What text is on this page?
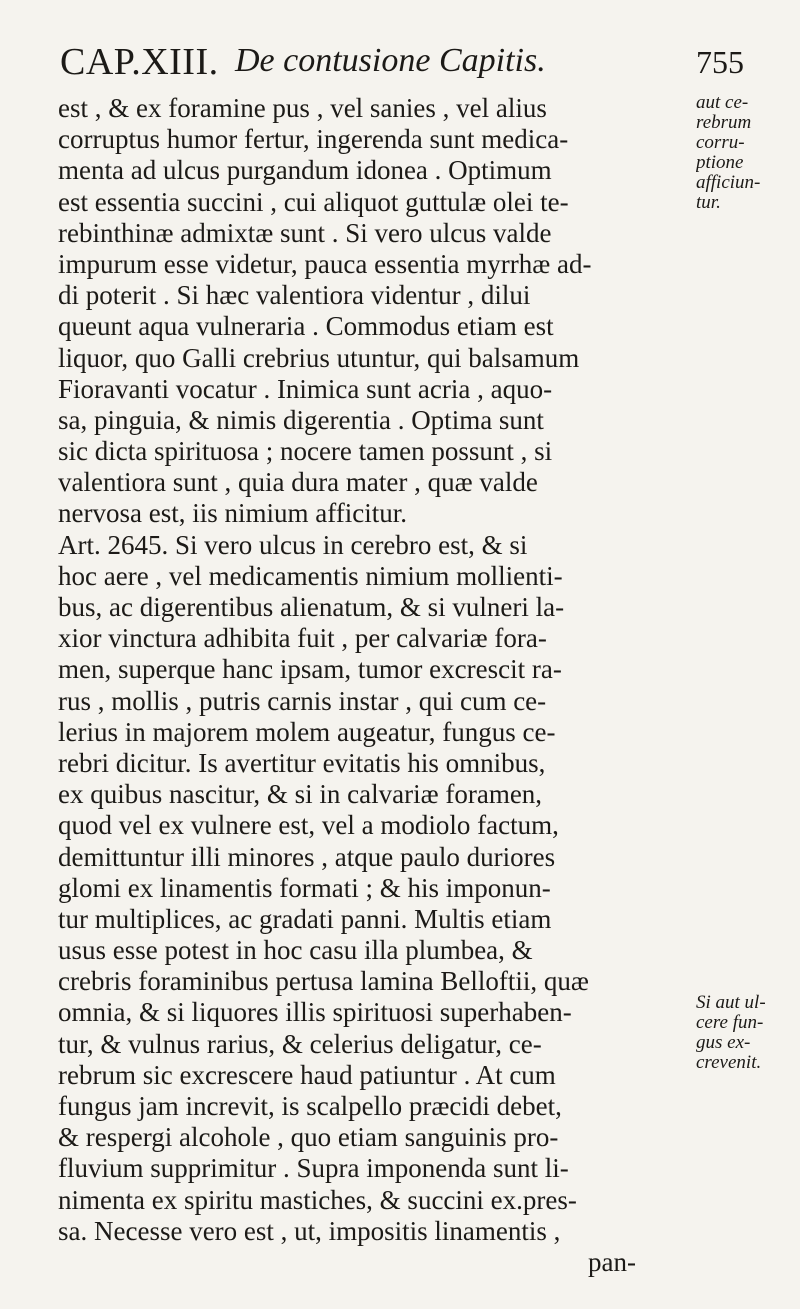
CAP.XIII. De contusione Capitis.	755
est , & ex foramine pus , vel sanies , vel alius
corruptus humor fertur, ingerenda sunt medica-
menta ad ulcus purgandum idonea . Optimum
est essentia succini , cui aliquot guttulæ olei te-
rebinthinæ admixtæ sunt . Si vero ulcus valde
impurum esse videtur, pauca essentia myrrhæ ad-
di poterit . Si hæc valentiora videntur , dilui
queunt aqua vulneraria . Commodus etiam est
liquor, quo Galli crebrius utuntur, qui balsamum
Fioravanti vocatur . Inimica sunt acria , aquo-
sa, pinguia, & nimis digerentia . Optima sunt
sic dicta spirituosa ; nocere tamen possunt , si
valentiora sunt , quia dura mater , quæ valde
nervosa est, iis nimium afficitur.
Art. 2645. Si vero ulcus in cerebro est, & si
hoc aere , vel medicamentis nimium mollienti-
bus, ac digerentibus alienatum, & si vulneri la-
xior vinctura adhibita fuit , per calvariæ fora-
men, superque hanc ipsam, tumor excrescit ra-
rus , mollis , putris carnis instar , qui cum ce-
lerius in majorem molem augeatur, fungus ce-
rebri dicitur. Is avertitur evitatis his omnibus,
ex quibus nascitur, & si in calvariæ foramen,
quod vel ex vulnere est, vel a modiolo factum,
demittuntur illi minores , atque paulo duriores
glomi ex linamentis formati ; & his imponun-
tur multiplices, ac gradati panni. Multis etiam
usus esse potest in hoc casu illa plumbea, &
crebris foraminibus pertusa lamina Belloftii, quæ
omnia, & si liquores illis spirituosi superhaben-
tur, & vulnus rarius, & celerius deligatur, ce-
rebrum sic excrescere haud patiuntur . At cum
fungus jam increvit, is scalpello præcidi debet,
& respergi alcohole , quo etiam sanguinis pro-
fluvium supprimitur . Supra imponenda sunt li-
nimenta ex spiritu mastiches, & succini ex.pres-
sa. Necesse vero est , ut, impositis linamentis ,
pan-
aut ce-
rebrum
corru-
ptione
afficiun-
tur.
Si aut ul-
cere fun-
gus ex-
crevenit.
